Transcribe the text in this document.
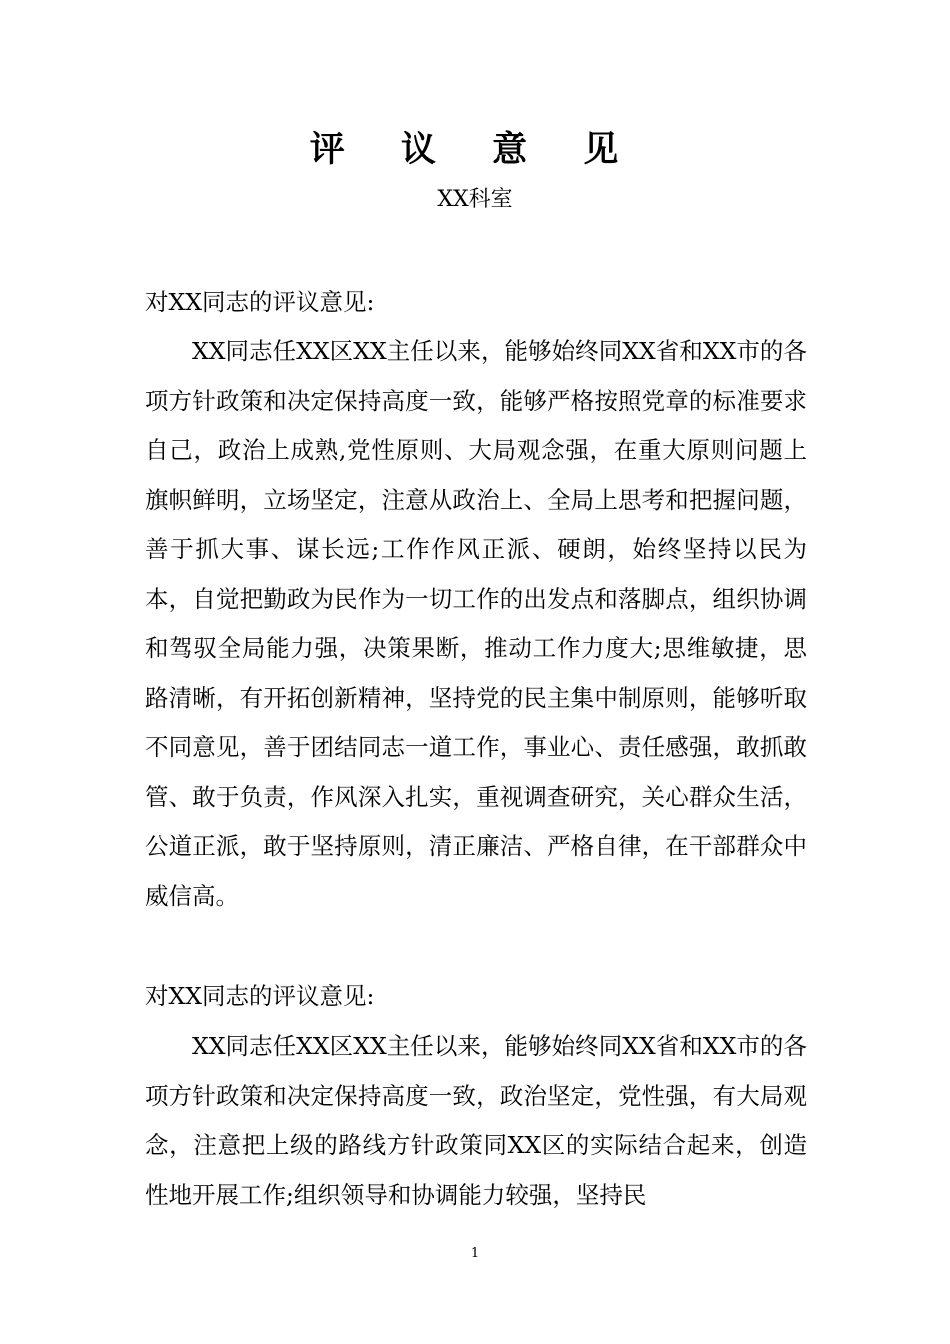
评 议 意 见
XX科室

对XX同志的评议意见:

XX同志任XX区XX主任以来，能够始终同XX省和XX市的各项方针政策和决定保持高度一致，能够严格按照党章的标准要求自己，政治上成熟,党性原则、大局观念强，在重大原则问题上旗帜鲜明，立场坚定，注意从政治上、全局上思考和把握问题，善于抓大事、谋长远;工作作风正派、硬朗，始终坚持以民为本，自觉把勤政为民作为一切工作的出发点和落脚点，组织协调和驾驭全局能力强，决策果断，推动工作力度大;思维敏捷，思路清晰，有开拓创新精神，坚持党的民主集中制原则，能够听取不同意见，善于团结同志一道工作，事业心、责任感强，敢抓敢管、敢于负责，作风深入扎实，重视调查研究，关心群众生活，公道正派，敢于坚持原则，清正廉洁、严格自律，在干部群众中威信高。

对XX同志的评议意见:

XX同志任XX区XX主任以来，能够始终同XX省和XX市的各项方针政策和决定保持高度一致，政治坚定，党性强，有大局观念，注意把上级的路线方针政策同XX区的实际结合起来，创造性地开展工作;组织领导和协调能力较强，坚持民

1
